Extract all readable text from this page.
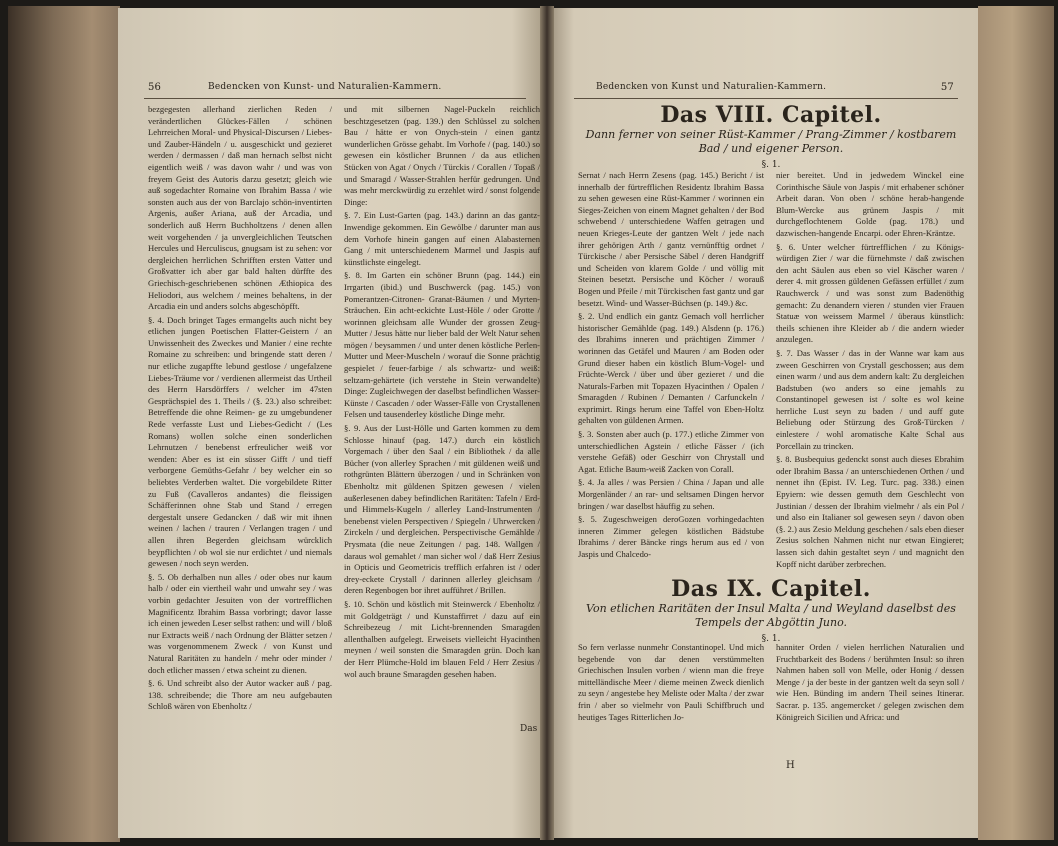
56	Bedencken von Kunst- und Naturalien-Kammern.

bezgegesten allerhand zierlichen Reden / verändertlichen Glückes-Fällen / schönen Lehrreichen Moral- und Physical-Discursen / Liebes- und Zauber-Händeln / u. ausgeschickt und gezieret werden / dermassen / daß man hernach selbst nicht eigentlich weiß / was davon wahr / und was von freyem Geist des Autoris darzu gesetzt; gleich wie auß sogedachter Romaine von Ibrahim Bassa / wie sonsten auch aus der von Barclajo schön-inventirten Argenis, außer Ariana, auß der Arcadia, und sonderlich auß Herrn Buchholtzens / denen allen weit vorgehenden / ja unvergleichlichen Teutschen Hercules und Herculiscus, gnugsam ist zu sehen: vor dergleichen herrlichen Schrifften ersten Vatter und Großvatter ich aber gar bald halten dürffte des Griechisch-geschriebenen schönen Æthiopica des Heliodori, aus welchem / meines behaltens, in der Arcadia ein und anders solchs abgeschöpfft.

§. 4. Doch bringet Tages ermangelts auch nicht bey etlichen jungen Poetischen Flatter-Geistern / an Unwissenheit des Zweckes und Manier / eine rechte Romaine zu schreiben: und bringende statt deren / nur etliche zugapffte lebund gestlose / ungefalzene Liebes-Träume vor / verdienen allermeist das Urtheil des Herrn Harsdörffers / welcher im 47sten Gesprächspiel des 1. Theils / (§. 23.) also schreibet: Betreffende die ohne Reimen- ge zu umgebundener Rede verfasste Lust und Liebes-Gedicht / (Les Romans) wollen solche einen sonderlichen Lehrnutzen / benebenst erfreulicher weiß vor wenden: Aber es ist ein süsser Gifft / und tieff verborgene Gemüths-Gefahr / bey welcher ein so beliebtes Verderben waltet. Die vorgebildete Ritter zu Fuß (Cavalleros andantes) die fleissigen Schäfferinnen ohne Stab und Stand / erregen dergestalt unsere Gedancken / daß wir mit ihnen weinen / lachen / trauren / Verlangen tragen / und allen ihren Begerden gleichsam würcklich beypflichten / ob wol sie nur erdichtet / und niemals gewesen / noch seyn werden.

§. 5. Ob derhalben nun alles / oder obes nur kaum halb / oder ein viertheil wahr und unwahr sey / was vorbin gedachter Jesuiten von der vortrefflichen Magnificentz Ibrahim Bassa vorbringt; davor lasse ich einen jeweden Leser selbst rathen: und will / bloß nur Extracts weiß / nach Ordnung der Blätter setzen / was vorgenommenem Zweck / von Kunst und Natural Raritäten zu handeln / mehr oder minder / doch etlicher massen / etwa scheint zu dienen.

§. 6. Und schreibt also der Autor wacker auß / pag. 138. schreibende; die Thore am neu aufgebauten Schloß wären von Ebenholtz /

und mit silbernen Nagel-Puckeln reichlich beschtzgesetzen (pag. 139.) den Schlüssel zu solchen Bau / hätte er von Onych-stein / einen gantz wunderlichen Grösse gehabt. Im Vorhofe / (pag. 140.) so gewesen ein köstlicher Brunnen / da aus etlichen Stücken von Agat / Onych / Türckis / Corallen / Topaß / und Smaragd / Wasser-Strahlen herfür gedrungen. Und was mehr merckwürdig zu erzehlet wird / sonst folgende Dinge:

§. 7. Ein Lust-Garten (pag. 143.) darinn an das gantz-Inwendige gekommen. Ein Gewölbe / darunter man aus dem Vorhofe hinein gangen auf einen Alabasternen Gang / mit unterschiedenem Marmel und Jaspis auf künstlichste eingelegt.

§. 8. Im Garten ein schöner Brunn (pag. 144.) ein Irrgarten (ibid.) und Buschwerck (pag. 145.) von Pomerantzen-Citronen- Granat-Bäumen / und Myrten-Sträuchen. Ein acht-eckichte Lust-Höle / oder Grotte / worinnen gleichsam alle Wunder der grossen Zeug-Mutter / Jesus hätte nur lieber bald der Welt Natur sehen mögen / beysammen / und unter denen köstliche Perlen-Mutter und Meer-Muscheln / worauf die Sonne prächtig gespielet / feuer-farbige / als schwartz- und weiß: seltzam-gehärtete (ich verstehe in Stein verwandelte) Dinge: Zugleichwegen der daselbst befindlichen Wasser-Künste / Cascaden / oder Wasser-Fälle von Crystallenen Felsen und tausenderley köstliche Dinge mehr.

§. 9. Aus der Lust-Hölle und Garten kommen zu dem Schlosse hinauf (pag. 147.) durch ein köstlich Vorgemach / über den Saal / ein Bibliothek / da alle Bücher (von allerley Sprachen / mit güldenen weiß und rothgrünten Blättern überzogen / und in Schränken von Ebenholtz mit güldenen Spitzen gewesen / vielen außerlesenen dabey befindlichen Raritäten: Tafeln / Erd- und Himmels-Kugeln / allerley Land-Instrumenten / benebenst vielen Perspectiven / Spiegeln / Uhrwercken / Zirckeln / und dergleichen. Perspectivische Gemählde / Prysmata (die neue Zeitungen / pag. 148. Wallgen / daraus wol gemahlet / man sicher wol / daß Herr Zesius in Opticis und Geometricis trefflich erfahren ist / oder drey-eckete Crystall / darinnen allerley gleichsam / deren Regenbogen bor ihret aufführet / Brillen.

§. 10. Schön und köstlich mit Steinwerck / Ebenholtz / mit Goldgeträgt / und Kunstaffirret / dazu auf ein Schreibezeug / mit Licht-brennenden Smaragden allenthalben aufgelegt. Erweisets vielleicht Hyacinthen meynen / weil sonsten die Smaragden grün. Doch kan der Herr Plümche-Hold im blauen Feld / Herr Zesius / wol auch braune Smaragden gesehen haben.

Das
Bedencken von Kunst und Naturalien-Kammern.	57
Das VIII. Capitel.
Dann ferner von seiner Rüst-Kammer / Prang-Zimmer / kostbarem Bad / und eigener Person.
§. 1.

Sernat / nach Herrn Zesens (pag. 145.) Bericht / ist innerhalb der fürtrefflichen Residentz Ibrahim Bassa zu sehen gewesen eine Rüst-Kammer / worinnen ein Sieges-Zeichen von einem Magnet gehalten / der Bod schwebend / unterschiedene Waffen getragen und neuen Krieges-Leute der gantzen Welt / jede nach ihrer gehörigen Arth / gantz vernünfftig ordnet / Türckische / aber Persische Säbel / deren Handgriff und Scheiden von klarem Golde / und völlig mit Steinen besetzt. Persische und Köcher / worauß Bogen und Pfeile / mit Türckischen fast gantz und gar besetzt. Wind- und Wasser-Büchsen (p. 149.) &c.

§. 2. Und endlich ein gantz Gemach voll herrlicher historischer Gemählde (pag. 149.) Alsdenn (p. 176.) des Ibrahims inneren und prächtigen Zimmer / worinnen das Getäfel und Mauren / am Boden oder Grund dieser haben ein köstlich Blum-Vogel- und Früchte-Werck / über und über gezieret / und die Naturals-Farben mit Topazen Hyacinthen / Opalen / Smaragden / Rubinen / Demanten / Carfunckeln / exprimirt. Rings herum eine Taffel von Eben-Holtz gehalten von güldenen Armen.

§. 3. Sonsten aber auch (p. 177.) etliche Zimmer von unterschiedlichen Agstein / etliche Fässer / (ich verstehe Gefäß) oder Geschirr von Chrystall und Agat. Etliche Baum-weiß Zacken von Corall.

§. 4. Ja alles / was Persien / China / Japan und alle Morgenländer / an rar- und seltsamen Dingen hervor bringen / war daselbst häuffig zu sehen.

§. 5. Zugeschweigen deroGozen vorhingedachten inneren Zimmer gelegen köstlichen Bädstube Ibrahims / derer Bäncke rings herum aus ed / von Jaspis und Chalcedo-

nier bereitet. Und in jedwedem Winckel eine Corinthische Säule von Jaspis / mit erhabener schöner Arbeit daran. Von oben / schöne herab-hangende Blum-Wercke aus grünem Jaspis / mit durchgeflochtenem Golde (pag. 178.) und dazwischen-hangende Encarpi. oder Ehren-Kräntze.

§. 6. Unter welcher fürtrefflichen / zu Königs-würdigen Zier / war die fürnehmste / daß zwischen den acht Säulen aus eben so viel Käscher waren / derer 4. mit grossen güldenen Gefässen erfüllet / zum Rauchwerck / und was sonst zum Badenöthig gemacht: Zu denandern vieren / stunden vier Frauen Statuæ von weissem Marmel / überaus künstlich: theils schienen ihre Kleider ab / die andern wieder anzulegen.

§. 7. Das Wasser / das in der Wanne war kam aus zween Geschirren von Crystall geschossen; aus dem einen warm / und aus dem andern kalt: Zu dergleichen Badstuben (wo anders so eine jemahls zu Constantinopel gewesen ist / solte es wol keine herrliche Lust seyn zu baden / und auff gute Beliebung oder Stürzung des Groß-Türcken / einlestere / wohl aromatische Kalte Schal aus Porcellain zu trincken.

§. 8. Busbequius gedenckt sonst auch dieses Ebrahim oder Ibrahim Bassa / an unterschiedenen Orthen / und nennet ihn (Epist. IV. Leg. Turc. pag. 338.) einen Epyiern: wie dessen gemuth dem Geschlecht von Justinian / dessen der Ibrahim vielmehr / als ein Pol / und also ein Italianer sol gewesen seyn / davon oben (§. 2.) aus Zesio Meldung geschehen / sals eben dieser Zesius solchen Nahmen nicht nur etwan Eingieret; lassen sich dahin gestaltet seyn / und magnicht den Kopff nicht darüber zerbrechen.

Das IX. Capitel.
Von etlichen Raritäten der Insul Malta / und Weyland daselbst des Tempels der Abgöttin Juno.
§. 1.

So fern verlasse nunmehr Constantinopel. Und mich begebende von dar denen verstümmelten Griechischen Insulen vorben / wienn man die freye mittelländische Meer / dieme meinen Zweck dienlich zu seyn / angestebe hey Meliste oder Malta / der zwar frin / aber so vielmehr von Pauli Schiffbruch und heutiges Tages Ritterlichen Jo-

hanniter Orden / vielen herrlichen Naturalien und Fruchtbarkeit des Bodens / berühmten Insul: so ihren Nahmen haben soll von Melle, oder Honig / dessen Menge / ja der beste in der gantzen welt da seyn soll / wie Hen. Bünding im andern Theil seines Itinerar. Sacrar. p. 135. angemercket / gelegen zwischen dem Königreich Sicilien und Africa: und

H
